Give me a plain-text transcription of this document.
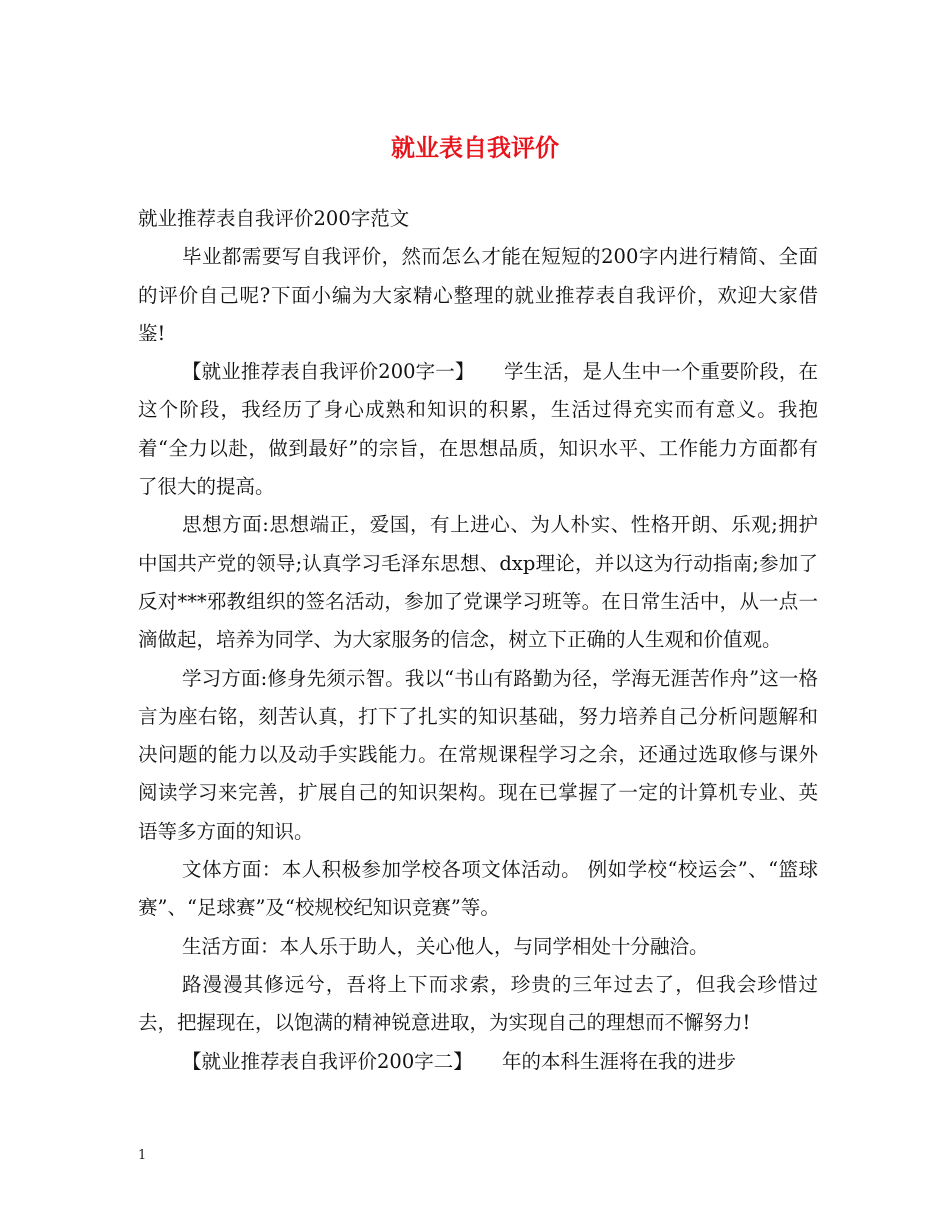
就业表自我评价

就业推荐表自我评价200字范文

毕业都需要写自我评价，然而怎么才能在短短的200字内进行精简、全面的评价自己呢?下面小编为大家精心整理的就业推荐表自我评价，欢迎大家借鉴!

【就业推荐表自我评价200字一】　　学生活，是人生中一个重要阶段，在这个阶段，我经历了身心成熟和知识的积累，生活过得充实而有意义。我抱着“全力以赴，做到最好”的宗旨，在思想品质，知识水平、工作能力方面都有了很大的提高。

思想方面:思想端正，爱国，有上进心、为人朴实、性格开朗、乐观;拥护中国共产党的领导;认真学习毛泽东思想、dxp理论，并以这为行动指南;参加了反对***邪教组织的签名活动，参加了党课学习班等。在日常生活中，从一点一滴做起，培养为同学、为大家服务的信念，树立下正确的人生观和价值观。

学习方面:修身先须示智。我以“书山有路勤为径，学海无涯苦作舟”这一格言为座右铭，刻苦认真，打下了扎实的知识基础，努力培养自己分析问题解和决问题的能力以及动手实践能力。在常规课程学习之余，还通过选取修与课外阅读学习来完善，扩展自己的知识架构。现在已掌握了一定的计算机专业、英语等多方面的知识。

文体方面：本人积极参加学校各项文体活动。 例如学校“校运会”、“篮球赛”、“足球赛”及“校规校纪知识竞赛”等。

生活方面：本人乐于助人，关心他人，与同学相处十分融洽。

路漫漫其修远兮，吾将上下而求索，珍贵的三年过去了，但我会珍惜过去，把握现在，以饱满的精神锐意进取，为实现自己的理想而不懈努力!

【就业推荐表自我评价200字二】　　年的本科生涯将在我的进步

1
